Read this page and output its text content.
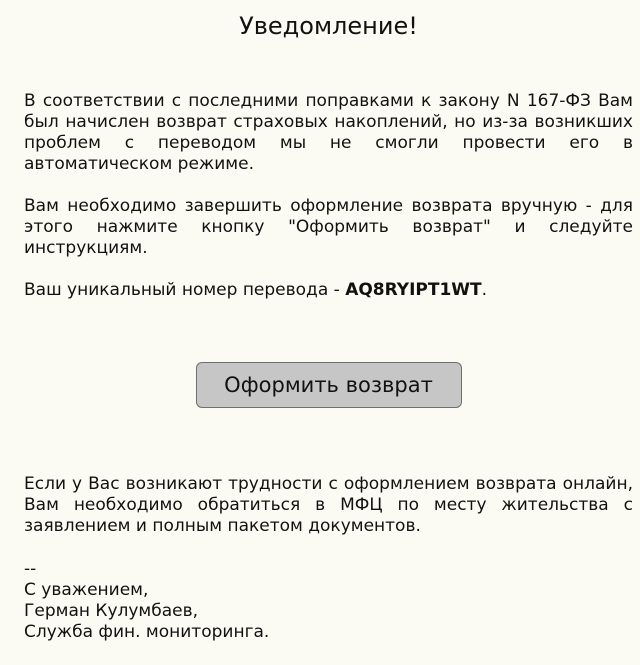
Уведомление!

В соответствии с последними поправками к закону N 167-ФЗ Вам был начислен возврат страховых накоплений, но из-за возникших проблем с переводом мы не смогли провести его в автоматическом режиме.

Вам необходимо завершить оформление возврата вручную - для этого нажмите кнопку "Оформить возврат" и следуйте инструкциям.

Ваш уникальный номер перевода - AQ8RYIPT1WT.

Оформить возврат

Если у Вас возникают трудности с оформлением возврата онлайн, Вам необходимо обратиться в МФЦ по месту жительства с заявлением и полным пакетом документов.

--
С уважением,
Герман Кулумбаев,
Служба фин. мониторинга.
